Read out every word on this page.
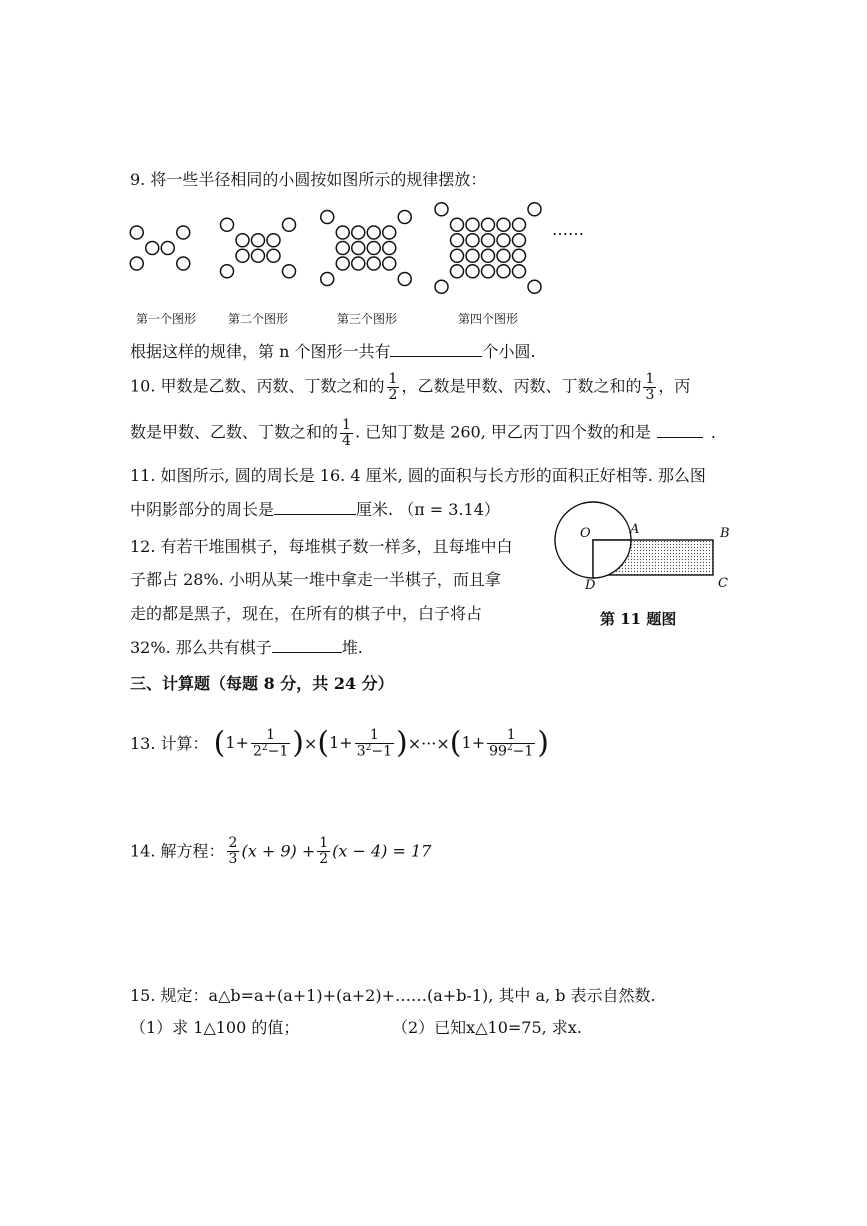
9. 将一些半径相同的小圆按如图所示的规律摆放：
……
第一个图形	第二个图形	第三个图形	第四个图形
根据这样的规律，第 n 个图形一共有	个小圆.
10. 甲数是乙数、丙数、丁数之和的 $\frac{1}{2}$ ，乙数是甲数、丙数、丁数之和的 $\frac{1}{3}$ ，丙
数是甲数、乙数、丁数之和的 $\frac{1}{4}$ . 已知丁数是 260, 甲乙丙丁四个数的和是	.
11. 如图所示, 圆的周长是 16. 4 厘米, 圆的面积与长方形的面积正好相等. 那么图
中阴影部分的周长是	厘米. （π = 3.14）
O	A	B
C
D
第 11 题图
12. 有若干堆围棋子，每堆棋子数一样多，且每堆中白
子都占 28%. 小明从某一堆中拿走一半棋子，而且拿
走的都是黑子，现在，在所有的棋子中，白子将占
32%. 那么共有棋子	堆.
三、计算题（每题 8 分，共 24 分）
13. 计算： $(1+ \frac{1}{2^2-1} )\times(1+ \frac{1}{3^2-1} )\times\cdot\cdot\cdot\times(1+ \frac{1}{99^2-1}$ )
14. 解方程： $\frac{2}{3} (x + 9) + \frac{1}{2} (x - 4) = 17$
15. 规定：a△b=a+(a+1)+(a+2)+……(a+b-1), 其中 a, b 表示自然数.
（1）求 1△100 的值；	（2）已知x△10=75, 求x.
